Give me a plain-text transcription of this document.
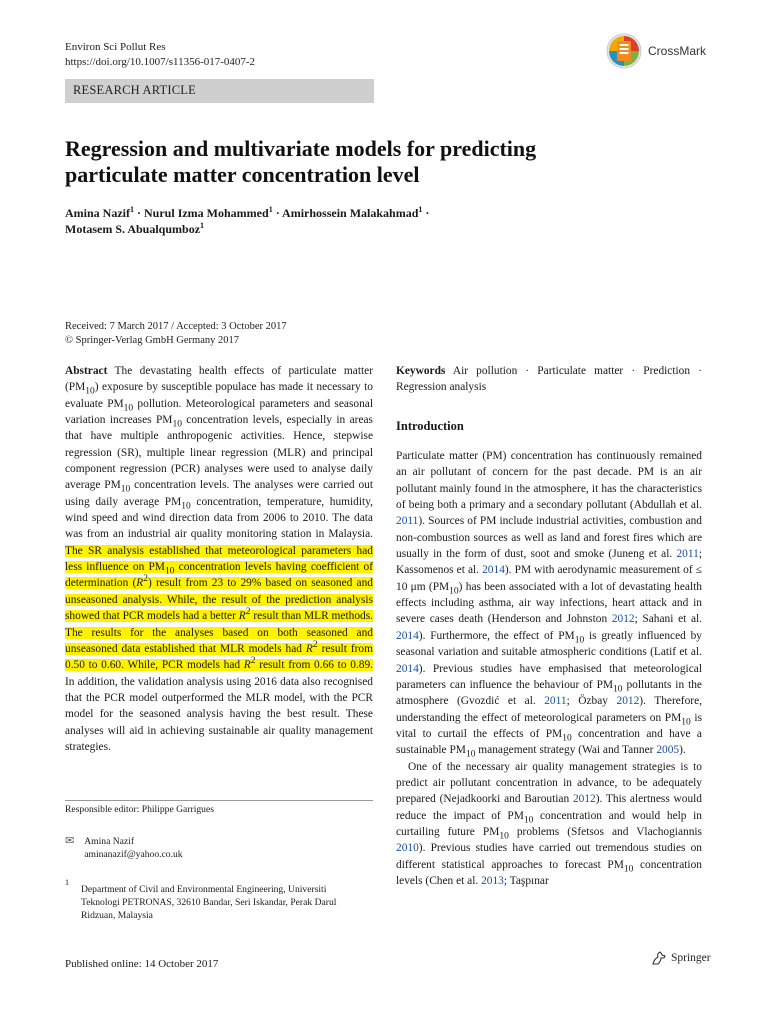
Environ Sci Pollut Res
https://doi.org/10.1007/s11356-017-0407-2
CrossMark
RESEARCH ARTICLE
Regression and multivariate models for predicting
particulate matter concentration level
Amina Nazif$^1$ · Nurul Izma Mohammed$^1$ · Amirhossein Malakahmad$^1$ ·
Motasem S. Abualqumboz$^1$
Received: 7 March 2017 / Accepted: 3 October 2017
© Springer-Verlag GmbH Germany 2017
Abstract The devastating health effects of particulate matter $(PM_{10})$ exposure by susceptible populace has made it necessary to evaluate $PM_{10}$ pollution. Meteorological parameters and seasonal variation increases $PM_{10}$ concentration levels, especially in areas that have multiple anthropogenic activities. Hence, stepwise regression (SR), multiple linear regression (MLR) and principal component regression (PCR) analyses were used to analyse daily average $PM_{10}$ concentration levels. The analyses were carried out using daily average $PM_{10}$ concentration, temperature, humidity, wind speed and wind direction data from 2006 to 2010. The data was from an industrial air quality monitoring station in Malaysia. The SR analysis established that meteorological parameters had less influence on $PM_{10}$ concentration levels having coefficient of determination $(R^2)$ result from 23 to 29% based on seasoned and unseasoned analysis. While, the result of the prediction analysis showed that PCR models had a better $R^2$ result than MLR methods. The results for the analyses based on both seasoned and unseasoned data established that MLR models had $R^2$ result from 0.50 to 0.60. While, PCR models had $R^2$ result from 0.66 to 0.89. In addition, the validation analysis using 2016 data also recognised that the PCR model outperformed the MLR model, with the PCR model for the seasoned analysis having the best result. These analyses will aid in achieving sustainable air quality management strategies.
Responsible editor: Philippe Garrigues
✉ Amina Nazif
aminanazif@yahoo.co.uk
1
Department of Civil and Environmental Engineering, Universiti Teknologi PETRONAS, 32610 Bandar, Seri Iskandar, Perak Darul Ridzuan, Malaysia
Keywords Air pollution · Particulate matter · Prediction · Regression analysis
Introduction

Particulate matter (PM) concentration has continuously remained an air pollutant of concern for the past decade. PM is an air pollutant mainly found in the atmosphere, it has the characteristics of being both a primary and a secondary pollutant (Abdullah et al. 2011). Sources of PM include industrial activities, combustion and non-combustion sources as well as land and forest fires which are usually in the form of dust, soot and smoke (Juneng et al. 2011; Kassomenos et al. 2014). PM with aerodynamic measurement of ≤ 10 μm $(PM_{10})$ has been associated with a lot of devastating health effects including asthma, air way infections, heart attack and in severe cases death (Henderson and Johnston 2012; Sahani et al. 2014). Furthermore, the effect of $PM_{10}$ is greatly influenced by seasonal variation and suitable atmospheric conditions (Latif et al. 2014). Previous studies have emphasised that meteorological parameters can influence the behaviour of $PM_{10}$ pollutants in the atmosphere (Gvozdić et al. 2011; Özbay 2012). Therefore, understanding the effect of meteorological parameters on $PM_{10}$ is vital to curtail the effects of $PM_{10}$ concentration and have a sustainable $PM_{10}$ management strategy (Wai and Tanner 2005).

One of the necessary air quality management strategies is to predict air pollutant concentration in advance, to be adequately prepared (Nejadkoorki and Baroutian 2012). This alertness would reduce the impact of $PM_{10}$ concentration and would help in curtailing future $PM_{10}$ problems (Sfetsos and Vlachogiannis 2010). Previous studies have carried out tremendous studies on different statistical approaches to forecast $PM_{10}$ concentration levels (Chen et al. 2013; Taşpınar

Published online: 14 October 2017	Springer
